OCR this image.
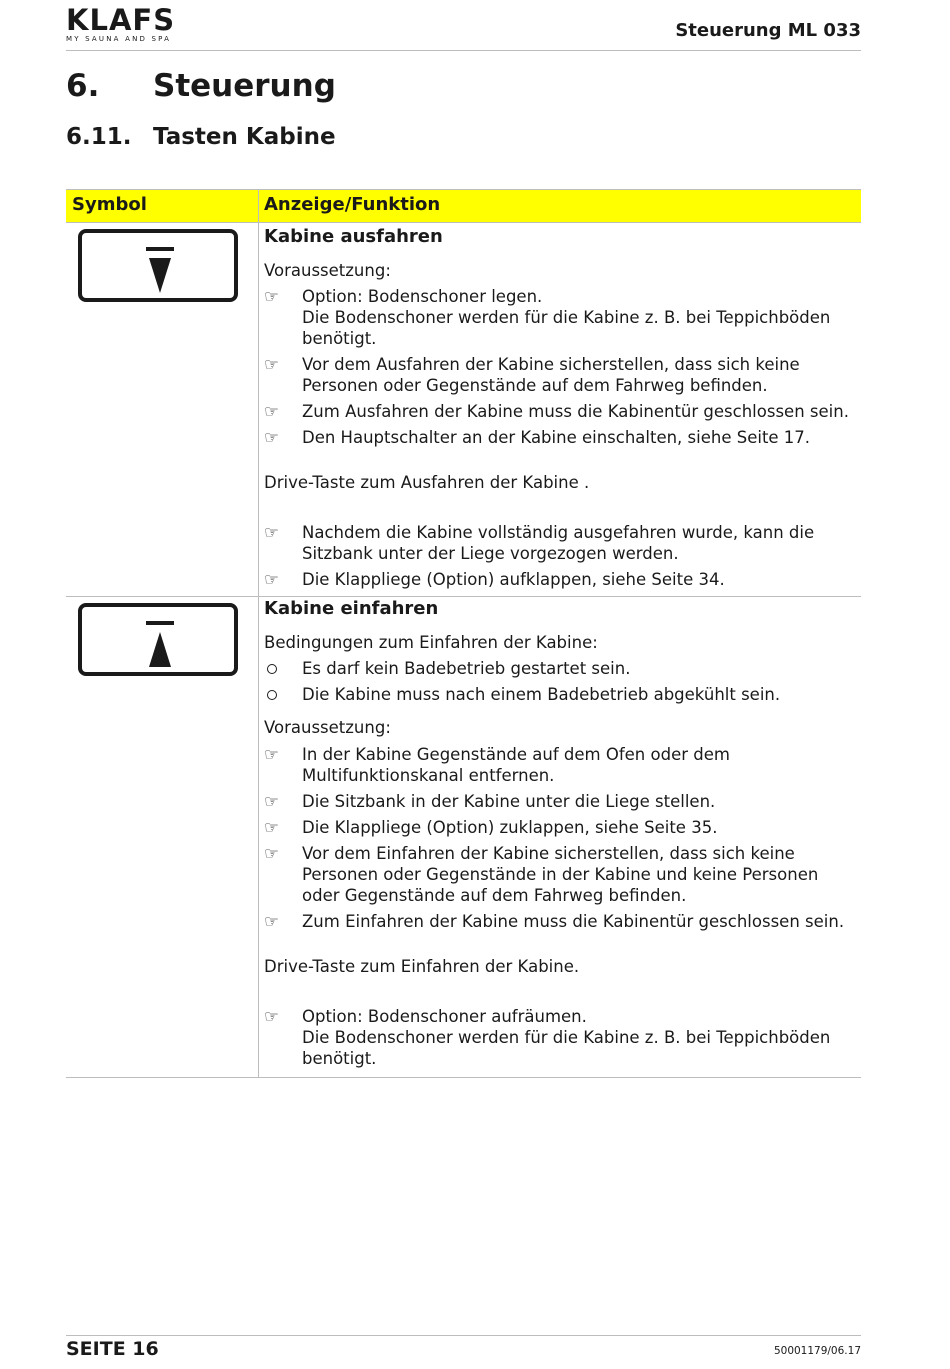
KLAFS
MY SAUNA AND SPA	Steuerung ML 033
6. Steuerung
6.11. Tasten Kabine
Symbol	Anzeige/Funktion

Kabine ausfahren

Voraussetzung:

☞	Option: Bodenschoner legen.
Die Bodenschoner werden für die Kabine z. B. bei Teppichböden benötigt.

☞	Vor dem Ausfahren der Kabine sicherstellen, dass sich keine Personen oder Gegenstände auf dem Fahrweg befinden.

☞	Zum Ausfahren der Kabine muss die Kabinentür geschlossen sein.

☞	Den Hauptschalter an der Kabine einschalten, siehe Seite 17.

Drive-Taste zum Ausfahren der Kabine .

☞	Nachdem die Kabine vollständig ausgefahren wurde, kann die Sitzbank unter der Liege vorgezogen werden.

☞	Die Klappliege (Option) aufklappen, siehe Seite 34.

Kabine einfahren

Bedingungen zum Einfahren der Kabine:

Es darf kein Badebetrieb gestartet sein.

Die Kabine muss nach einem Badebetrieb abgekühlt sein.

Voraussetzung:

☞	In der Kabine Gegenstände auf dem Ofen oder dem Multifunktionskanal entfernen.

☞	Die Sitzbank in der Kabine unter die Liege stellen.

☞	Die Klappliege (Option) zuklappen, siehe Seite 35.

☞	Vor dem Einfahren der Kabine sicherstellen, dass sich keine Personen oder Gegenstände in der Kabine und keine Personen oder Gegenstände auf dem Fahrweg befinden.

☞	Zum Einfahren der Kabine muss die Kabinentür geschlossen sein.

Drive-Taste zum Einfahren der Kabine.

☞	Option: Bodenschoner aufräumen.
Die Bodenschoner werden für die Kabine z. B. bei Teppichböden benötigt.

SEITE 16	50001179/06.17
